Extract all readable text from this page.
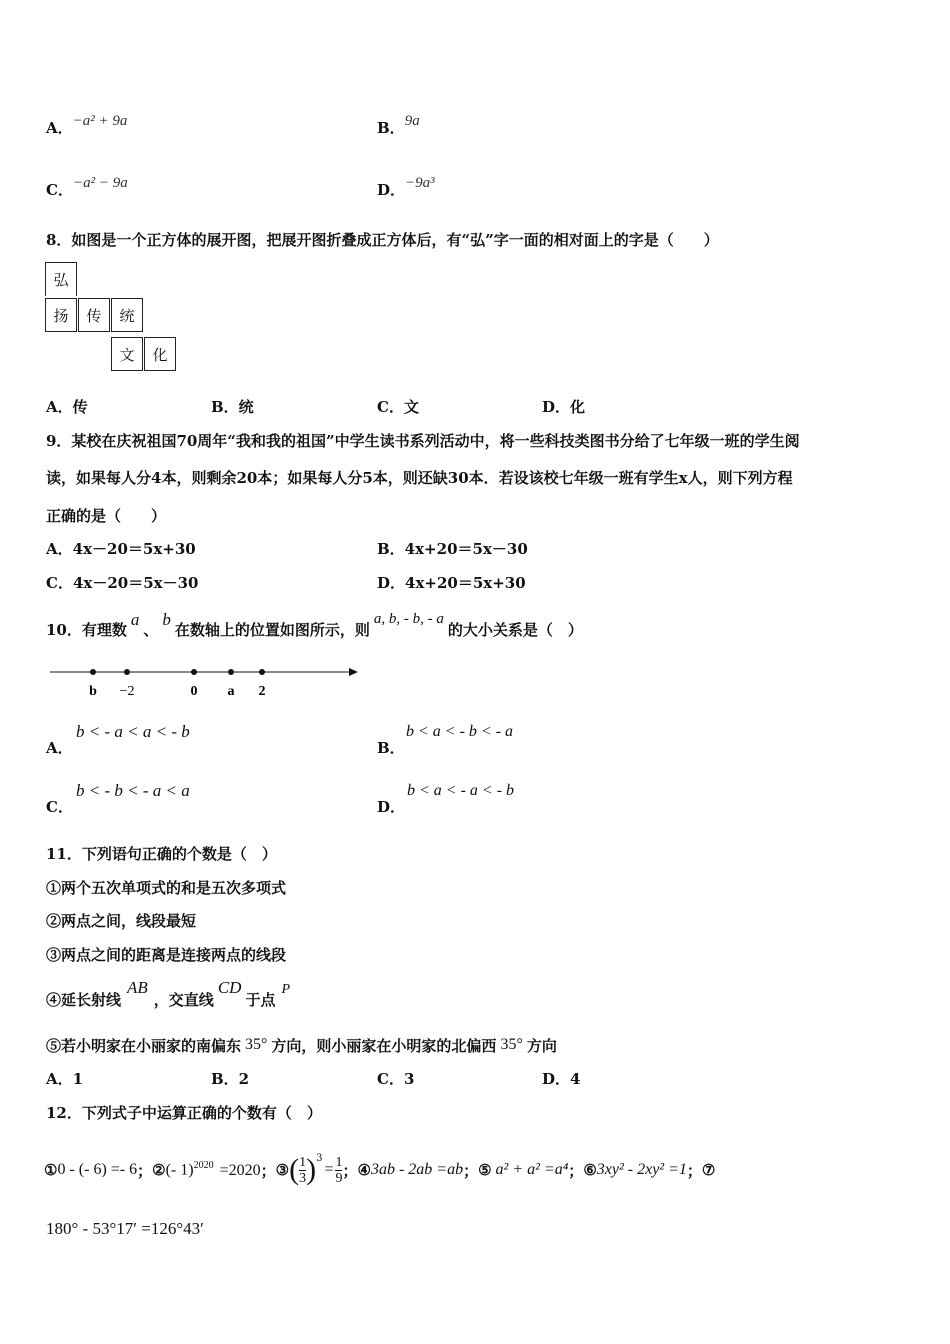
A．−a² + 9a	B．9a
C．−a² − 9a	D．−9a³
8．如图是一个正方体的展开图，把展开图折叠成正方体后，有“弘”字一面的相对面上的字是（　　）
弘
扬	传	统
文	化
A．传	B．统	C．文	D．化
9．某校在庆祝祖国70周年“我和我的祖国”中学生读书系列活动中，将一些科技类图书分给了七年级一班的学生阅
读，如果每人分4本，则剩余20本；如果每人分5本，则还缺30本．若设该校七年级一班有学生x人，则下列方程
正确的是（　　）
A．4x－20＝5x+30	B．4x+20＝5x－30
C．4x－20＝5x－30	D．4x+20＝5x+30
10．有理数a、b在数轴上的位置如图所示，则a, b, - b, - a的大小关系是（　）
b −2	0 a 2
A．
b < - a < a < - b
B．
b < a < - b < - a
C．
b < - b < - a < a
D．
b < a < - a < - b
11．下列语句正确的个数是（　）
①两个五次单项式的和是五次多项式
②两点之间，线段最短
③两点之间的距离是连接两点的线段
④延长射线AB，交直线CD于点P
⑤若小明家在小丽家的南偏东 35° 方向，则小丽家在小明家的北偏西 35° 方向
A．1	B．2	C．3	D．4
12．下列式子中运算正确的个数有（　）
① 0 - (- 6) =- 6 ； ② (- 1)$^{2020}$ =2020 ； ③ ( $\frac{1}{3} )^3$
= $\frac{1}{9}$ ； ④ 3ab - 2ab =ab ； ⑤ a² + a² =a⁴ ； ⑥ 3xy² - 2xy² =1 ； ⑦
180° - 53°17′ =126°43′
